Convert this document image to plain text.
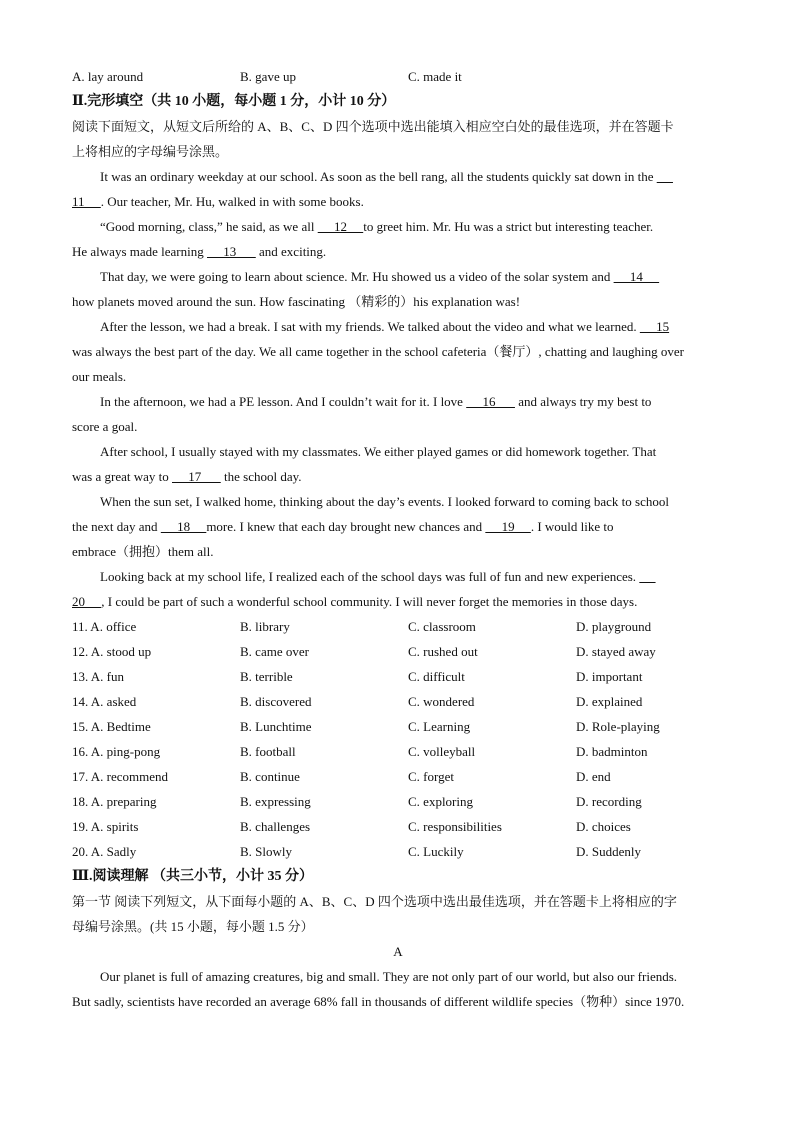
A. lay around	B. gave up	C. made it
Ⅱ.完形填空（共 10 小题，每小题 1 分，小计 10 分）
阅读下面短文，从短文后所给的 A、B、C、D 四个选项中选出能填入相应空白处的最佳选项，并在答题卡
上将相应的字母编号涂黑。
It was an ordinary weekday at our school. As soon as the bell rang, all the students quickly sat down in the
11     . Our teacher, Mr. Hu, walked in with some books.
“Good morning, class,” he said, as we all      12     to greet him. Mr. Hu was a strict but interesting teacher.
He always made learning      13       and exciting.
That day, we were going to learn about science. Mr. Hu showed us a video of the solar system and      14
how planets moved around the sun. How fascinating （精彩的）his explanation was!
After the lesson, we had a break. I sat with my friends. We talked about the video and what we learned.      15
was always the best part of the day. We all came together in the school cafeteria（餐厅）, chatting and laughing over
our meals.
In the afternoon, we had a PE lesson. And I couldn’t wait for it. I love      16       and always try my best to
score a goal.
After school, I usually stayed with my classmates. We either played games or did homework together. That
was a great way to      17       the school day.
When the sun set, I walked home, thinking about the day’s events. I looked forward to coming back to school
the next day and      18     more. I knew that each day brought new chances and      19     . I would like to
embrace（拥抱）them all.
Looking back at my school life, I realized each of the school days was full of fun and new experiences.
20     , I could be part of such a wonderful school community. I will never forget the memories in those days.
11. A. office	B. library	C. classroom	D. playground
12. A. stood up	B. came over	C. rushed out	D. stayed away
13. A. fun	B. terrible	C. difficult	D. important
14. A. asked	B. discovered	C. wondered	D. explained
15. A. Bedtime	B. Lunchtime	C. Learning	D. Role-playing
16. A. ping-pong	B. football	C. volleyball	D. badminton
17. A. recommend	B. continue	C. forget	D. end
18. A. preparing	B. expressing	C. exploring	D. recording
19. A. spirits	B. challenges	C. responsibilities	D. choices
20. A. Sadly	B. Slowly	C. Luckily	D. Suddenly
Ⅲ.阅读理解 （共三小节，小计 35 分）
第一节 阅读下列短文，从下面每小题的 A、B、C、D 四个选项中选出最佳选项，并在答题卡上将相应的字
母编号涂黑。(共 15 小题，每小题 1.5 分）
A
Our planet is full of amazing creatures, big and small. They are not only part of our world, but also our friends.
But sadly, scientists have recorded an average 68% fall in thousands of different wildlife species（物种）since 1970.
